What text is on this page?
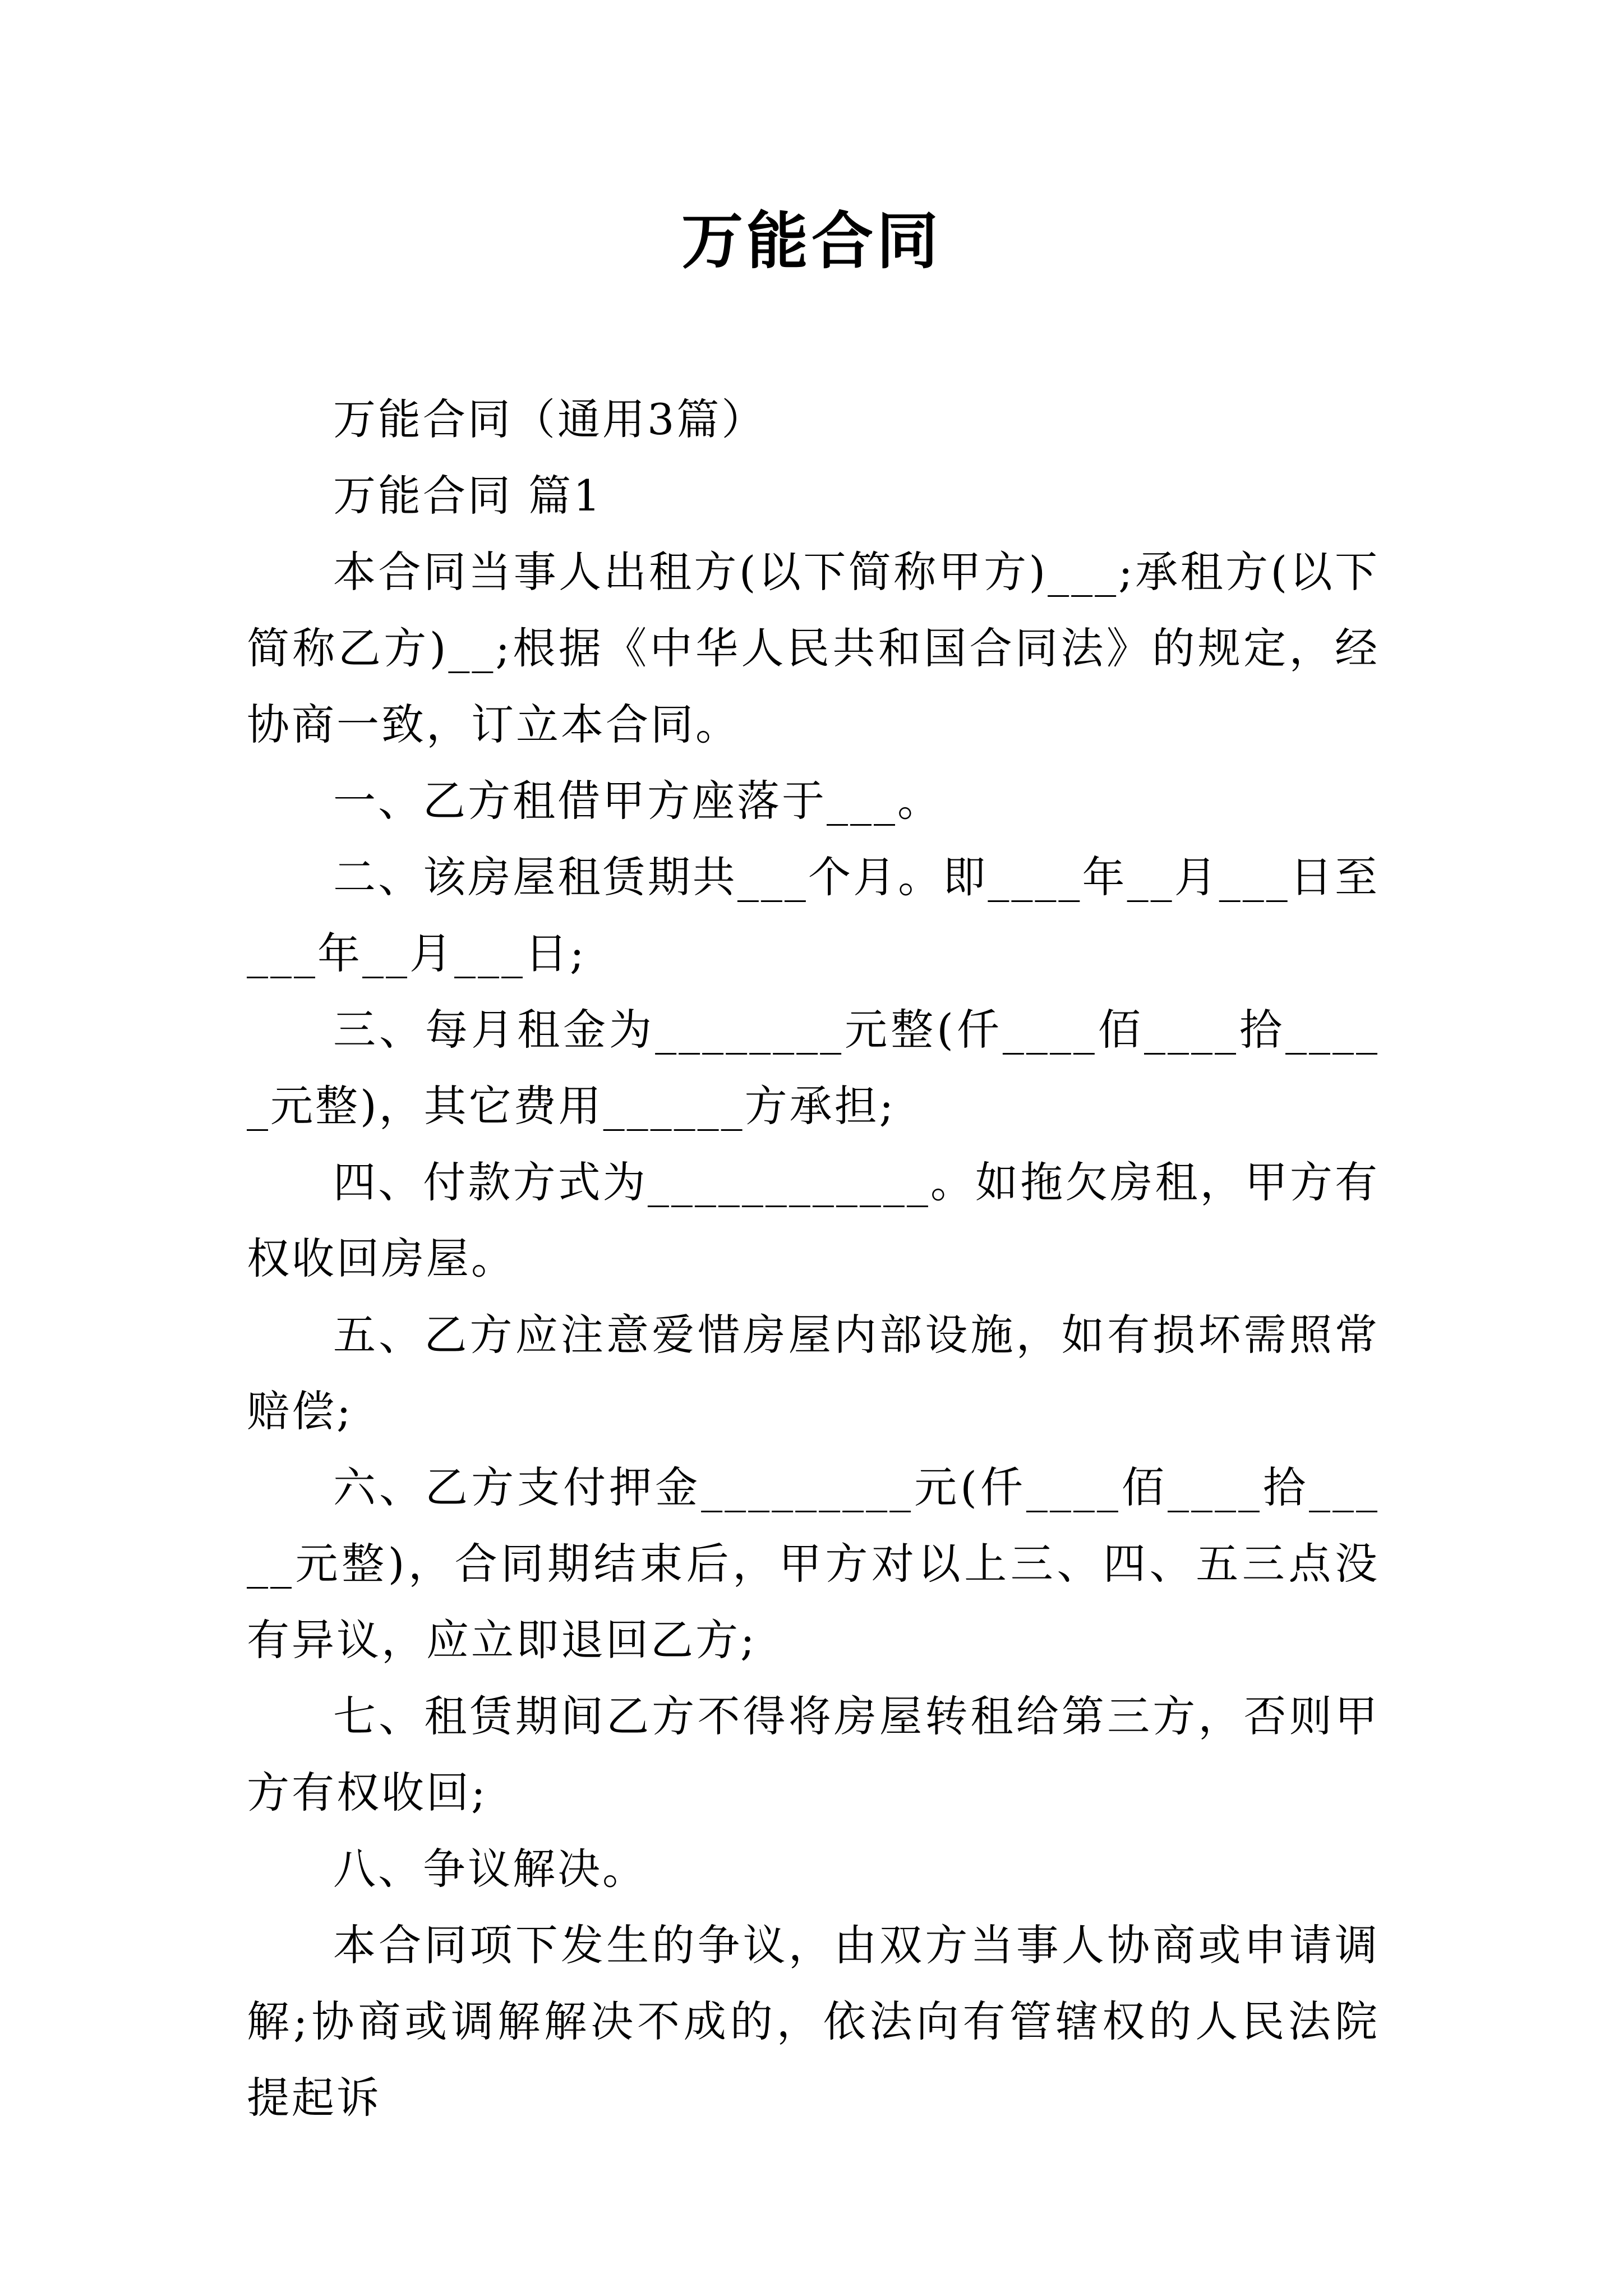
万能合同

万能合同（通用3篇）

万能合同 篇1

本合同当事人出租方(以下简称甲方)___;承租方(以下简称乙方)__;根据《中华人民共和国合同法》的规定，经协商一致，订立本合同。

一、乙方租借甲方座落于___。

二、该房屋租赁期共___个月。即____年__月___日至___年__月___日;

三、每月租金为________元整(仟____佰____拾_____元整)，其它费用______方承担;

四、付款方式为____________。如拖欠房租，甲方有权收回房屋。

五、乙方应注意爱惜房屋内部设施，如有损坏需照常赔偿;

六、乙方支付押金_________元(仟____佰____拾_____元整)，合同期结束后，甲方对以上三、四、五三点没有异议，应立即退回乙方;

七、租赁期间乙方不得将房屋转租给第三方，否则甲方有权收回;

八、争议解决。

本合同项下发生的争议，由双方当事人协商或申请调解;协商或调解解决不成的，依法向有管辖权的人民法院提起诉
